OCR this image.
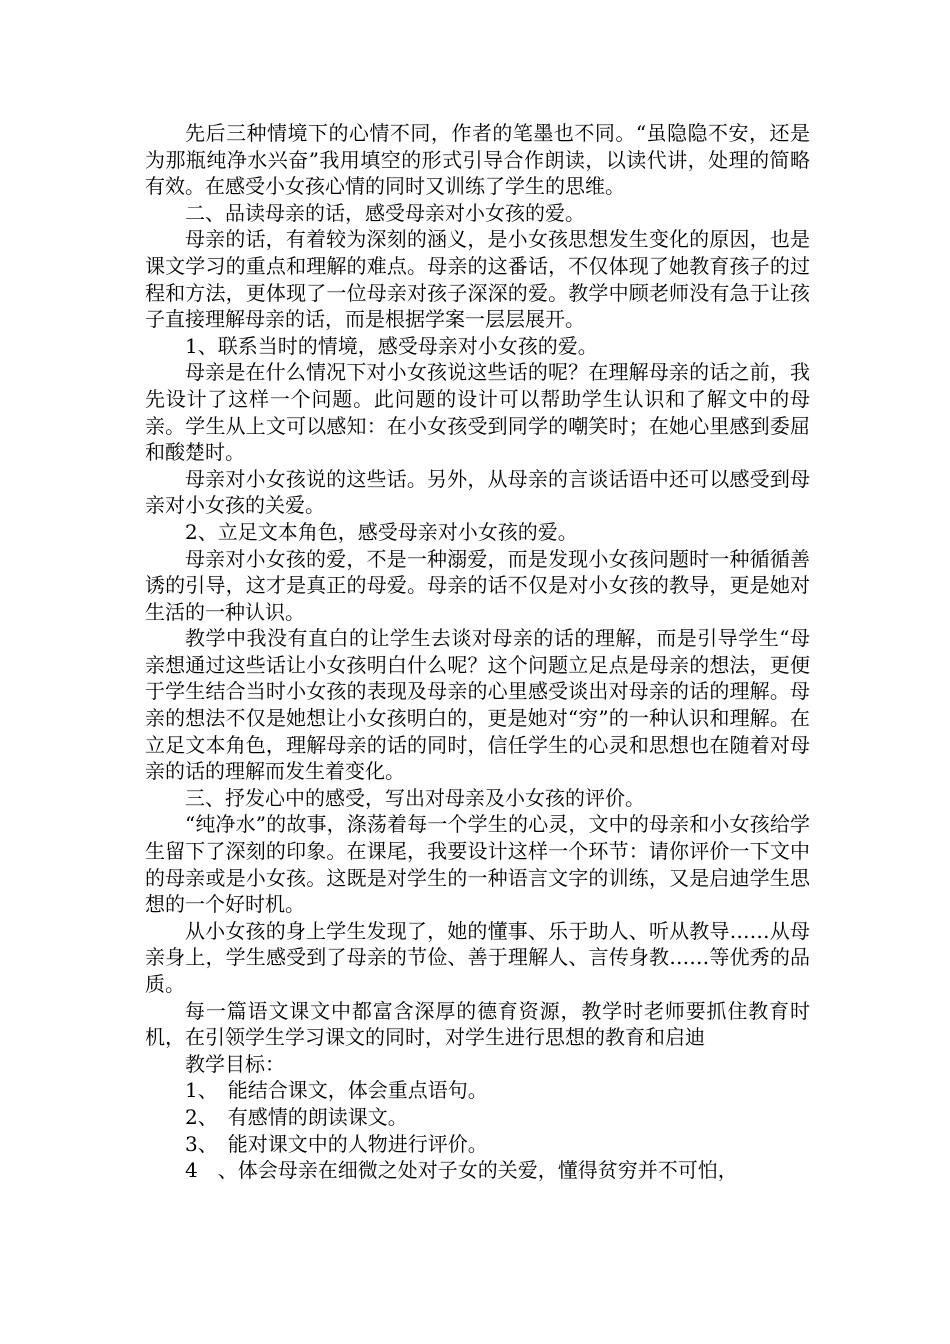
先后三种情境下的心情不同，作者的笔墨也不同。“虽隐隐不安，还是为那瓶纯净水兴奋”我用填空的形式引导合作朗读，以读代讲，处理的简略有效。在感受小女孩心情的同时又训练了学生的思维。

二、品读母亲的话，感受母亲对小女孩的爱。

母亲的话，有着较为深刻的涵义，是小女孩思想发生变化的原因，也是课文学习的重点和理解的难点。母亲的这番话，不仅体现了她教育孩子的过程和方法，更体现了一位母亲对孩子深深的爱。教学中顾老师没有急于让孩子直接理解母亲的话，而是根据学案一层层展开。

1、联系当时的情境，感受母亲对小女孩的爱。

母亲是在什么情况下对小女孩说这些话的呢？在理解母亲的话之前，我先设计了这样一个问题。此问题的设计可以帮助学生认识和了解文中的母亲。学生从上文可以感知：在小女孩受到同学的嘲笑时；在她心里感到委屈和酸楚时。

母亲对小女孩说的这些话。另外，从母亲的言谈话语中还可以感受到母亲对小女孩的关爱。

2、立足文本角色，感受母亲对小女孩的爱。

母亲对小女孩的爱，不是一种溺爱，而是发现小女孩问题时一种循循善诱的引导，这才是真正的母爱。母亲的话不仅是对小女孩的教导，更是她对生活的一种认识。

教学中我没有直白的让学生去谈对母亲的话的理解，而是引导学生“母亲想通过这些话让小女孩明白什么呢？这个问题立足点是母亲的想法，更便于学生结合当时小女孩的表现及母亲的心里感受谈出对母亲的话的理解。母亲的想法不仅是她想让小女孩明白的，更是她对“穷”的一种认识和理解。在立足文本角色，理解母亲的话的同时，信任学生的心灵和思想也在随着对母亲的话的理解而发生着变化。

三、抒发心中的感受，写出对母亲及小女孩的评价。

“纯净水”的故事，涤荡着每一个学生的心灵，文中的母亲和小女孩给学生留下了深刻的印象。在课尾，我要设计这样一个环节：请你评价一下文中的母亲或是小女孩。这既是对学生的一种语言文字的训练，又是启迪学生思想的一个好时机。

从小女孩的身上学生发现了，她的懂事、乐于助人、听从教导……从母亲身上，学生感受到了母亲的节俭、善于理解人、言传身教……等优秀的品质。

每一篇语文课文中都富含深厚的德育资源，教学时老师要抓住教育时机，在引领学生学习课文的同时，对学生进行思想的教育和启迪

教学目标：

1、　能结合课文，体会重点语句。

2、　有感情的朗读课文。

3、　能对课文中的人物进行评价。

4　、体会母亲在细微之处对子女的关爱，懂得贫穷并不可怕，
